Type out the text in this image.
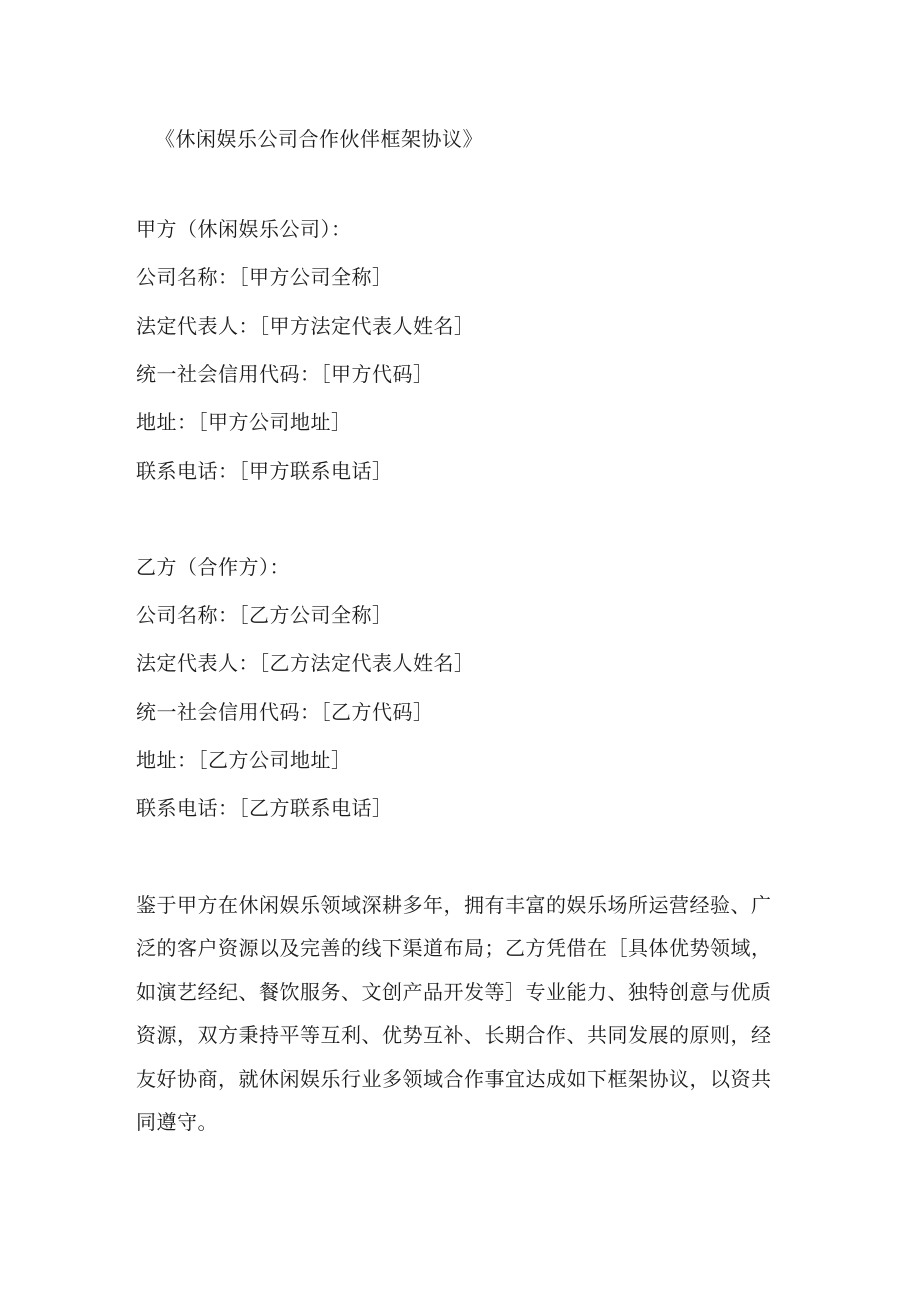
《休闲娱乐公司合作伙伴框架协议》
甲方（休闲娱乐公司）：
公司名称：［甲方公司全称］
法定代表人：［甲方法定代表人姓名］
统一社会信用代码：［甲方代码］
地址：［甲方公司地址］
联系电话：［甲方联系电话］
乙方（合作方）：
公司名称：［乙方公司全称］
法定代表人：［乙方法定代表人姓名］
统一社会信用代码：［乙方代码］
地址：［乙方公司地址］
联系电话：［乙方联系电话］
鉴于甲方在休闲娱乐领域深耕多年，拥有丰富的娱乐场所运营经验、广
泛的客户资源以及完善的线下渠道布局；乙方凭借在［具体优势领域，
如演艺经纪、餐饮服务、文创产品开发等］专业能力、独特创意与优质
资源，双方秉持平等互利、优势互补、长期合作、共同发展的原则，经
友好协商，就休闲娱乐行业多领域合作事宜达成如下框架协议，以资共
同遵守。
